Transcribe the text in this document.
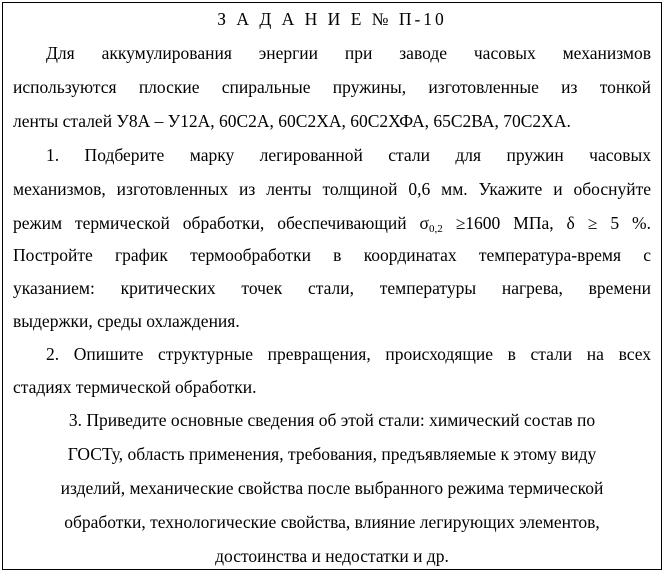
З А Д А Н И Е № П-10
Для аккумулирования энергии при заводе часовых механизмов
используются плоские спиральные пружины, изготовленные из тонкой
ленты сталей У8А – У12А, 60С2А, 60С2ХА, 60С2ХФА, 65С2ВА, 70С2ХА.
1. Подберите марку легированной стали для пружин часовых
механизмов, изготовленных из ленты толщиной 0,6 мм. Укажите и обоснуйте
режим термической обработки, обеспечивающий $\sigma_{0,2} \ge 1600$ МПа, δ ≥ 5 %.
Постройте график термообработки в координатах температура-время с
указанием: критических точек стали, температуры нагрева, времени
выдержки, среды охлаждения.
2. Опишите структурные превращения, происходящие в стали на всех
стадиях термической обработки.
3. Приведите основные сведения об этой стали: химический состав по
ГОСТу, область применения, требования, предъявляемые к этому виду
изделий, механические свойства после выбранного режима термической
обработки, технологические свойства, влияние легирующих элементов,
достоинства и недостатки и др.
